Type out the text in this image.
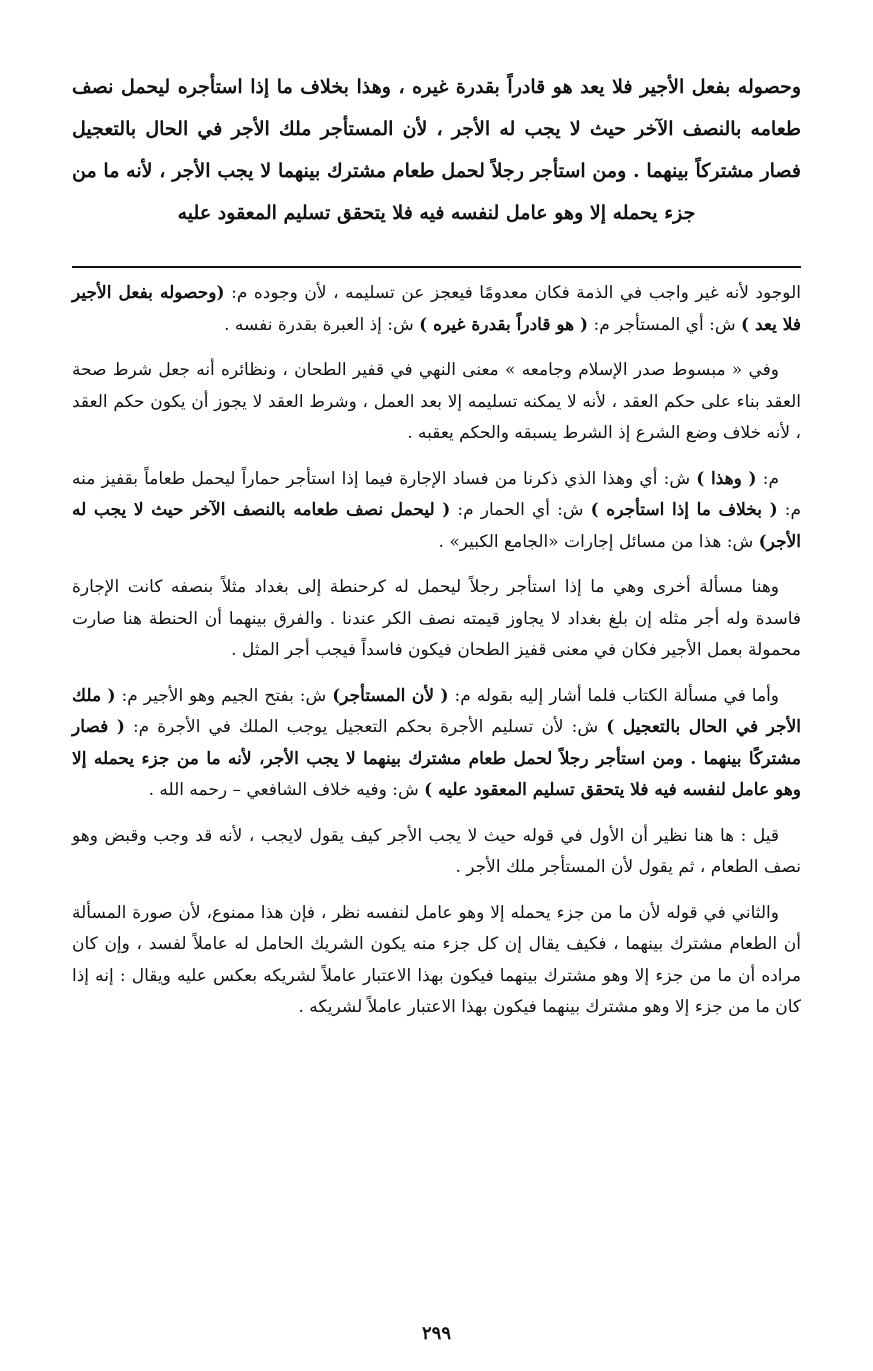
وحصوله بفعل الأجير فلا يعد هو قادراً بقدرة غيره ، وهذا بخلاف ما إذا استأجره ليحمل نصف طعامه بالنصف الآخر حيث لا يجب له الأجر ، لأن المستأجر ملك الأجر في الحال بالتعجيل فصار مشتركاً بينهما . ومن استأجر رجلاً لحمل طعام مشترك بينهما لا يجب الأجر ، لأنه ما من جزء يحمله إلا وهو عامل لنفسه فيه فلا يتحقق تسليم المعقود عليه

الوجود لأنه غير واجب في الذمة فكان معدومًا فيعجز عن تسليمه ، لأن وجوده م: (وحصوله بفعل الأجير فلا يعد ) ش: أي المستأجر م: ( هو قادراً بقدرة غيره ) ش: إذ العبرة بقدرة نفسه .

وفي « مبسوط صدر الإسلام وجامعه » معنى النهي في قفير الطحان ، ونظائره أنه جعل شرط صحة العقد بناء على حكم العقد ، لأنه لا يمكنه تسليمه إلا بعد العمل ، وشرط العقد لا يجوز أن يكون حكم العقد ، لأنه خلاف وضع الشرع إذ الشرط يسبقه والحكم يعقبه .

م: ( وهذا ) ش: أي وهذا الذي ذكرنا من فساد الإجارة فيما إذا استأجر حماراً ليحمل طعاماً بقفيز منه م: ( بخلاف ما إذا استأجره ) ش: أي الحمار م: ( ليحمل نصف طعامه بالنصف الآخر حيث لا يجب له الأجر) ش: هذا من مسائل إجارات «الجامع الكبير» .

وهنا مسألة أخرى وهي ما إذا استأجر رجلاً ليحمل له كرحنطة إلى بغداد مثلاً بنصفه كانت الإجارة فاسدة وله أجر مثله إن بلغ بغداد لا يجاوز قيمته نصف الكر عندنا . والفرق بينهما أن الحنطة هنا صارت محمولة بعمل الأجير فكان في معنى قفيز الطحان فيكون فاسداً فيجب أجر المثل .

وأما في مسألة الكتاب فلما أشار إليه بقوله م: ( لأن المستأجر) ش: بفتح الجيم وهو الأجير م: ( ملك الأجر في الحال بالتعجيل ) ش: لأن تسليم الأجرة بحكم التعجيل يوجب الملك في الأجرة م: ( فصار مشتركًا بينهما . ومن استأجر رجلاً لحمل طعام مشترك بينهما لا يجب الأجر، لأنه ما من جزء يحمله إلا وهو عامل لنفسه فيه فلا يتحقق تسليم المعقود عليه ) ش: وفيه خلاف الشافعي – رحمه الله .

قيل : ها هنا نظير أن الأول في قوله حيث لا يجب الأجر كيف يقول لايجب ، لأنه قد وجب وقبض وهو نصف الطعام ، ثم يقول لأن المستأجر ملك الأجر .

والثاني في قوله لأن ما من جزء يحمله إلا وهو عامل لنفسه نظر ، فإن هذا ممنوع، لأن صورة المسألة أن الطعام مشترك بينهما ، فكيف يقال إن كل جزء منه يكون الشريك الحامل له عاملاً لفسد ، وإن كان مراده أن ما من جزء إلا وهو مشترك بينهما فيكون بهذا الاعتبار عاملاً لشريكه بعكس عليه ويقال : إنه إذا كان ما من جزء إلا وهو مشترك بينهما فيكون بهذا الاعتبار عاملاً لشريكه .

٢٩٩
